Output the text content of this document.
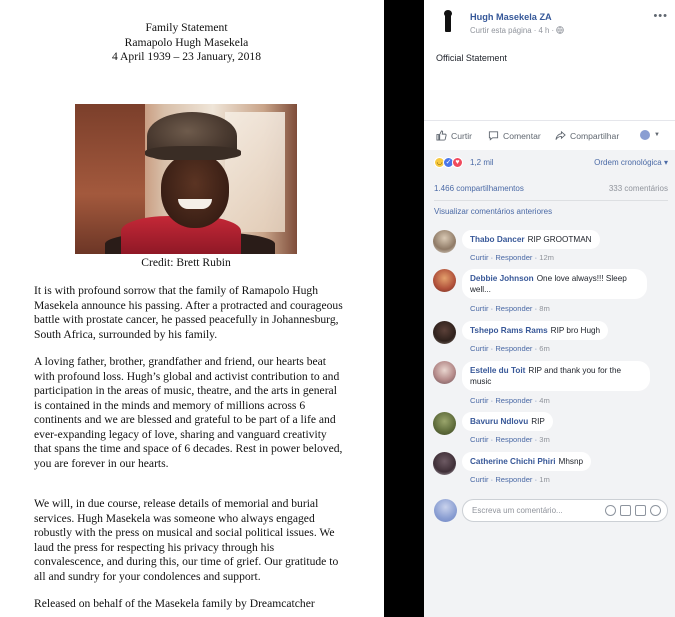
Family Statement
Ramapolo Hugh Masekela
4 April 1939 – 23 January, 2018
Credit: Brett Rubin

It is with profound sorrow that the family of Ramapolo Hugh Masekela announce his passing. After a protracted and courageous battle with prostate cancer, he passed peacefully in Johannesburg, South Africa, surrounded by his family.

A loving father, brother, grandfather and friend, our hearts beat with profound loss. Hugh’s global and activist contribution to and participation in the areas of music, theatre, and the arts in general is contained in the minds and memory of millions across 6 continents and we are blessed and grateful to be part of a life and ever-expanding legacy of love, sharing and vanguard creativity that spans the time and space of 6 decades. Rest in power beloved, you are forever in our hearts.

We will, in due course, release details of memorial and burial services. Hugh Masekela was someone who always engaged robustly with the press on musical and social political issues. We laud the press for respecting his privacy through his convalescence, and during this, our time of grief. Our gratitude to all and sundry for your condolences and support.

Released on behalf of the Masekela family by Dreamcatcher

Hugh Masekela ZA
Curtir esta página · 4 h ·
•••
Official Statement
Curtir	Comentar	Compartilhar	▼
◡ ✓ ♥	1,2 mil	Ordem cronológica ▾
1.466 compartilhamentos	333 comentários
Visualizar comentários anteriores
Thabo Dancer RIP GROOTMAN
Curtir · Responder · 12m
Debbie Johnson One love always!!! Sleep well...
Curtir · Responder · 8m
Tshepo Rams Rams RIP bro Hugh
Curtir · Responder · 6m
Estelle du Toit RIP and thank you for the music
Curtir · Responder · 4m
Bavuru Ndlovu RIP
Curtir · Responder · 3m
Catherine Chichi Phiri Mhsnp
Curtir · Responder · 1m
Escreva um comentário...
